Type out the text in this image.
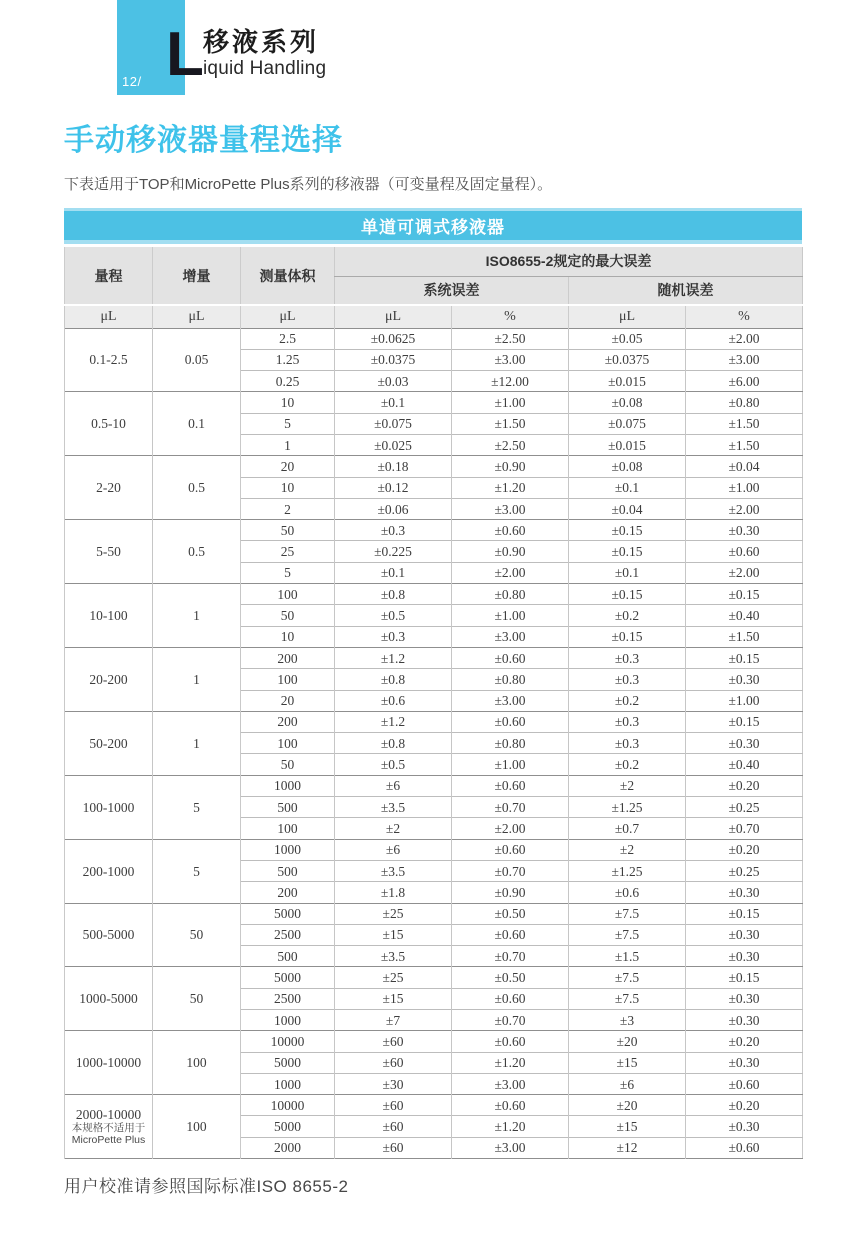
12/ L 移液系列
iquid Handling
手动移液器量程选择

下表适用于TOP和MicroPette Plus系列的移液器（可变量程及固定量程）。

单道可调式移液器
量程	增量	测量体积	ISO8655-2规定的最大误差			
			系统误差		随机误差	
μL	μL	μL	μL	%	μL	%

0.1-2.5	0.05	2.5	±0.0625	±2.50	±0.05	±2.00
		1.25	±0.0375	±3.00	±0.0375	±3.00
		0.25	±0.03	±12.00	±0.015	±6.00

0.5-10	0.1	10	±0.1	±1.00	±0.08	±0.80
		5	±0.075	±1.50	±0.075	±1.50
		1	±0.025	±2.50	±0.015	±1.50

2-20	0.5	20	±0.18	±0.90	±0.08	±0.04
		10	±0.12	±1.20	±0.1	±1.00
		2	±0.06	±3.00	±0.04	±2.00

5-50	0.5	50	±0.3	±0.60	±0.15	±0.30
		25	±0.225	±0.90	±0.15	±0.60
		5	±0.1	±2.00	±0.1	±2.00

10-100	1	100	±0.8	±0.80	±0.15	±0.15
		50	±0.5	±1.00	±0.2	±0.40
		10	±0.3	±3.00	±0.15	±1.50

20-200	1	200	±1.2	±0.60	±0.3	±0.15
		100	±0.8	±0.80	±0.3	±0.30
		20	±0.6	±3.00	±0.2	±1.00

50-200	1	200	±1.2	±0.60	±0.3	±0.15
		100	±0.8	±0.80	±0.3	±0.30
		50	±0.5	±1.00	±0.2	±0.40

100-1000	5	1000	±6	±0.60	±2	±0.20
		500	±3.5	±0.70	±1.25	±0.25
		100	±2	±2.00	±0.7	±0.70

200-1000	5	1000	±6	±0.60	±2	±0.20
		500	±3.5	±0.70	±1.25	±0.25
		200	±1.8	±0.90	±0.6	±0.30

500-5000	50	5000	±25	±0.50	±7.5	±0.15
		2500	±15	±0.60	±7.5	±0.30
		500	±3.5	±0.70	±1.5	±0.30

1000-5000	50	5000	±25	±0.50	±7.5	±0.15
		2500	±15	±0.60	±7.5	±0.30
		1000	±7	±0.70	±3	±0.30

1000-10000	100	10000	±60	±0.60	±20	±0.20
		5000	±60	±1.20	±15	±0.30
		1000	±30	±3.00	±6	±0.60

2000-10000
本规格不适用于
MicroPette Plus	100	10000	±60	±0.60	±20	±0.20
		5000	±60	±1.20	±15	±0.30
		2000	±60	±3.00	±12	±0.60

用户校准请参照国际标准ISO 8655-2
